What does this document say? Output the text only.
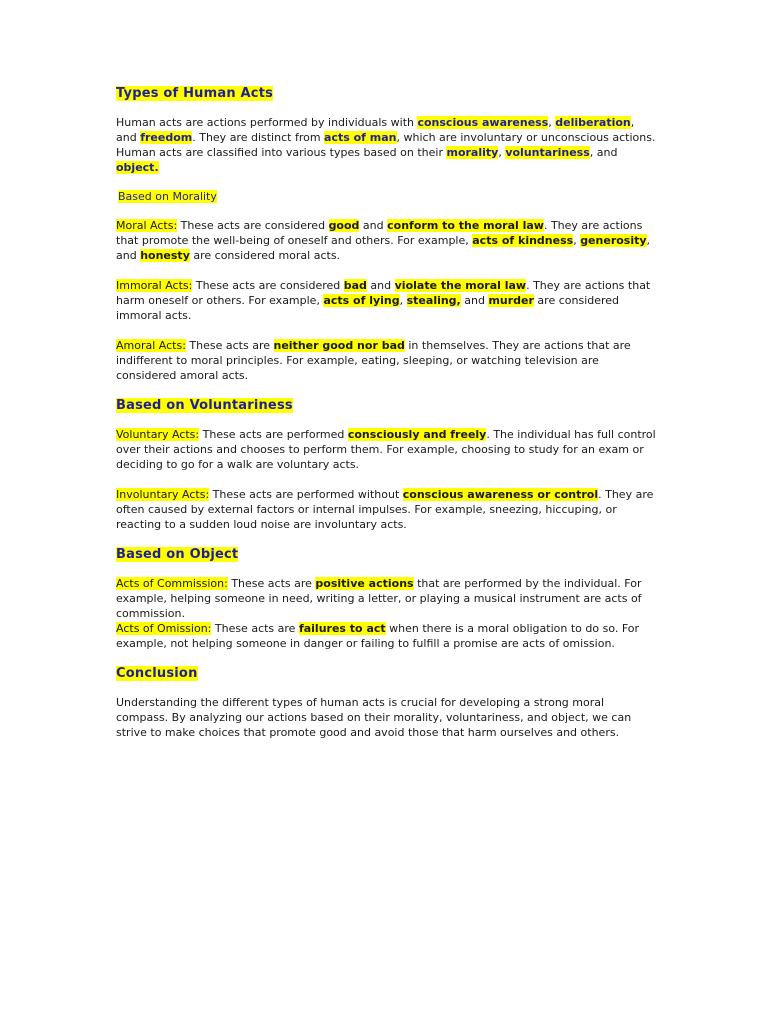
Types of Human Acts

Human acts are actions performed by individuals with conscious awareness, deliberation, and freedom. They are distinct from acts of man, which are involuntary or unconscious actions. Human acts are classified into various types based on their morality, voluntariness, and object.

Based on Morality

Moral Acts: These acts are considered good and conform to the moral law. They are actions that promote the well-being of oneself and others. For example, acts of kindness, generosity, and honesty are considered moral acts.

Immoral Acts: These acts are considered bad and violate the moral law. They are actions that harm oneself or others. For example, acts of lying, stealing, and murder are considered immoral acts.

Amoral Acts: These acts are neither good nor bad in themselves. They are actions that are indifferent to moral principles. For example, eating, sleeping, or watching television are considered amoral acts.

Based on Voluntariness

Voluntary Acts: These acts are performed consciously and freely. The individual has full control over their actions and chooses to perform them. For example, choosing to study for an exam or deciding to go for a walk are voluntary acts.

Involuntary Acts: These acts are performed without conscious awareness or control. They are often caused by external factors or internal impulses. For example, sneezing, hiccuping, or reacting to a sudden loud noise are involuntary acts.

Based on Object

Acts of Commission: These acts are positive actions that are performed by the individual. For example, helping someone in need, writing a letter, or playing a musical instrument are acts of commission.

Acts of Omission: These acts are failures to act when there is a moral obligation to do so. For example, not helping someone in danger or failing to fulfill a promise are acts of omission.

Conclusion

Understanding the different types of human acts is crucial for developing a strong moral compass. By analyzing our actions based on their morality, voluntariness, and object, we can strive to make choices that promote good and avoid those that harm ourselves and others.
